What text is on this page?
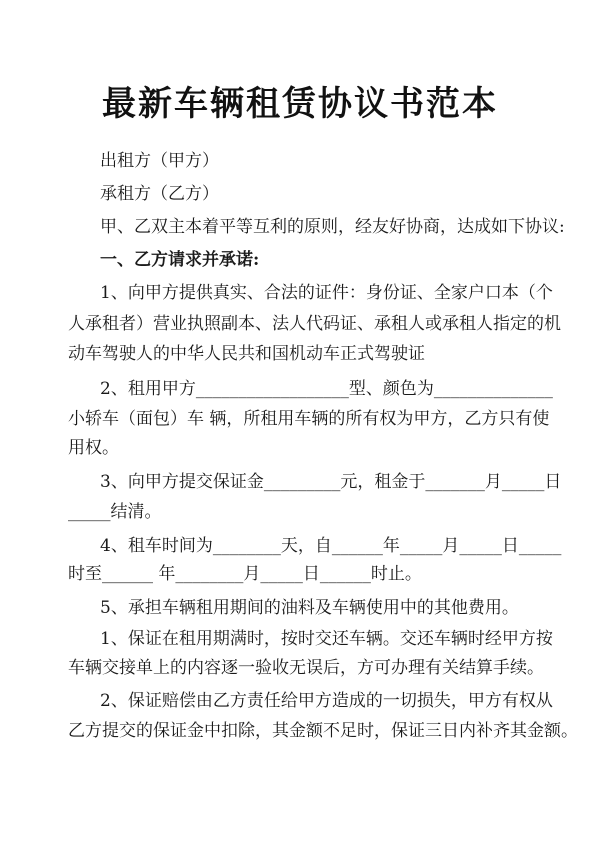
最新车辆租赁协议书范本
出租方（甲方）
承租方（乙方）
甲、乙双主本着平等互利的原则，经友好协商，达成如下协议:
一、乙方请求并承诺:
1、向甲方提供真实、合法的证件：身份证、全家户口本（个
人承租者）营业执照副本、法人代码证、承租人或承租人指定的机
动车驾驶人的中华人民共和国机动车正式驾驶证
2、租用甲方__________________型、颜色为______________
小轿车（面包）车 辆，所租用车辆的所有权为甲方，乙方只有使
用权。
3、向甲方提交保证金_________元，租金于_______月_____日
_____结清。
4、租车时间为________天，自______年_____月_____日_____
时至______ 年________月_____日______时止。
5、承担车辆租用期间的油料及车辆使用中的其他费用。
1、保证在租用期满时，按时交还车辆。交还车辆时经甲方按
车辆交接单上的内容逐一验收无误后，方可办理有关结算手续。
2、保证赔偿由乙方责任给甲方造成的一切损失，甲方有权从
乙方提交的保证金中扣除，其金额不足时，保证三日内补齐其金额。
